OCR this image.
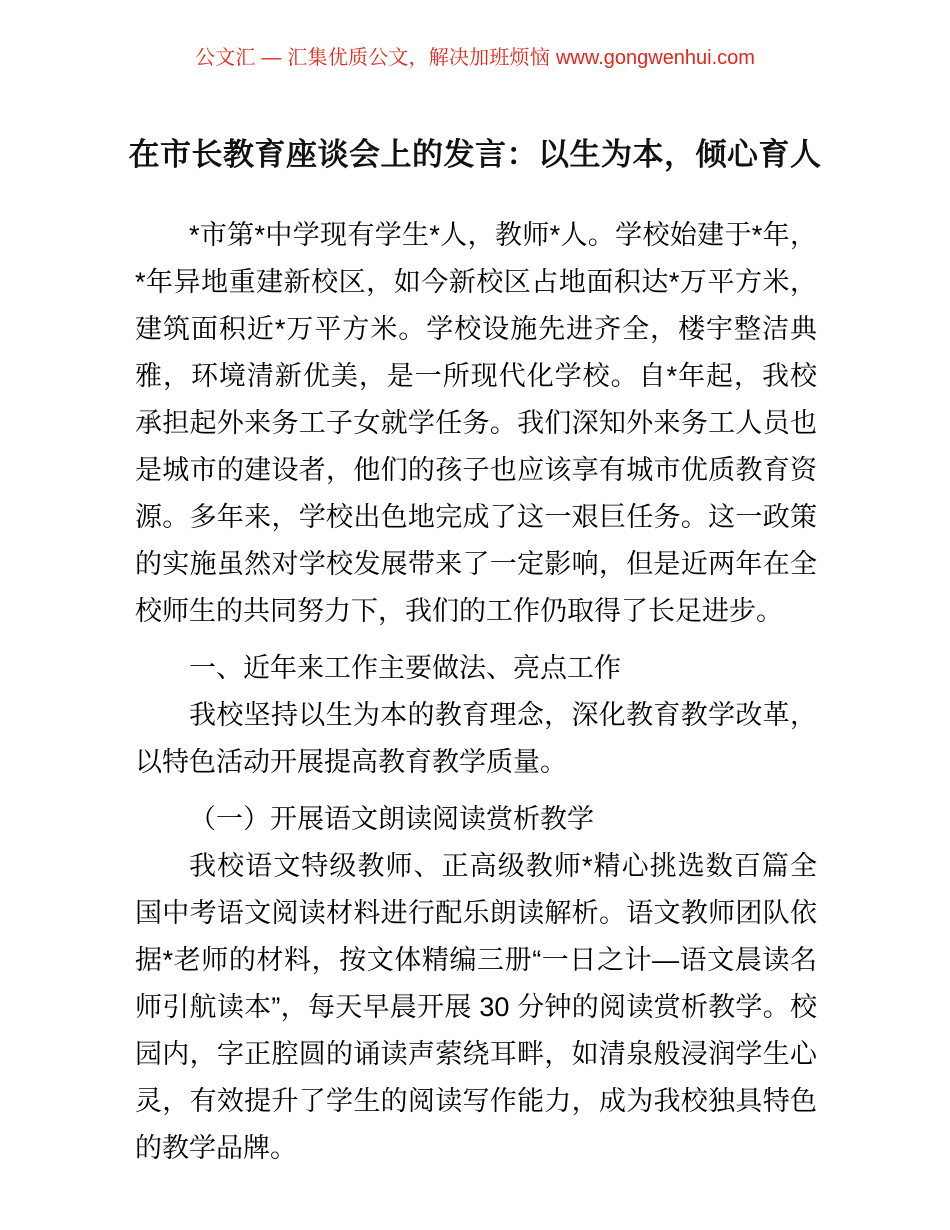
公文汇 — 汇集优质公文，解决加班烦恼 www.gongwenhui.com
在市长教育座谈会上的发言：以生为本，倾心育人

*市第*中学现有学生*人，教师*人。学校始建于*年，*年异地重建新校区，如今新校区占地面积达*万平方米，建筑面积近*万平方米。学校设施先进齐全，楼宇整洁典雅，环境清新优美，是一所现代化学校。自*年起，我校承担起外来务工子女就学任务。我们深知外来务工人员也是城市的建设者，他们的孩子也应该享有城市优质教育资源。多年来，学校出色地完成了这一艰巨任务。这一政策的实施虽然对学校发展带来了一定影响，但是近两年在全校师生的共同努力下，我们的工作仍取得了长足进步。

一、近年来工作主要做法、亮点工作

我校坚持以生为本的教育理念，深化教育教学改革，以特色活动开展提高教育教学质量。

（一）开展语文朗读阅读赏析教学

我校语文特级教师、正高级教师*精心挑选数百篇全国中考语文阅读材料进行配乐朗读解析。语文教师团队依据*老师的材料，按文体精编三册“一日之计—语文晨读名师引航读本”，每天早晨开展 30 分钟的阅读赏析教学。校园内，字正腔圆的诵读声萦绕耳畔，如清泉般浸润学生心灵，有效提升了学生的阅读写作能力，成为我校独具特色的教学品牌。
